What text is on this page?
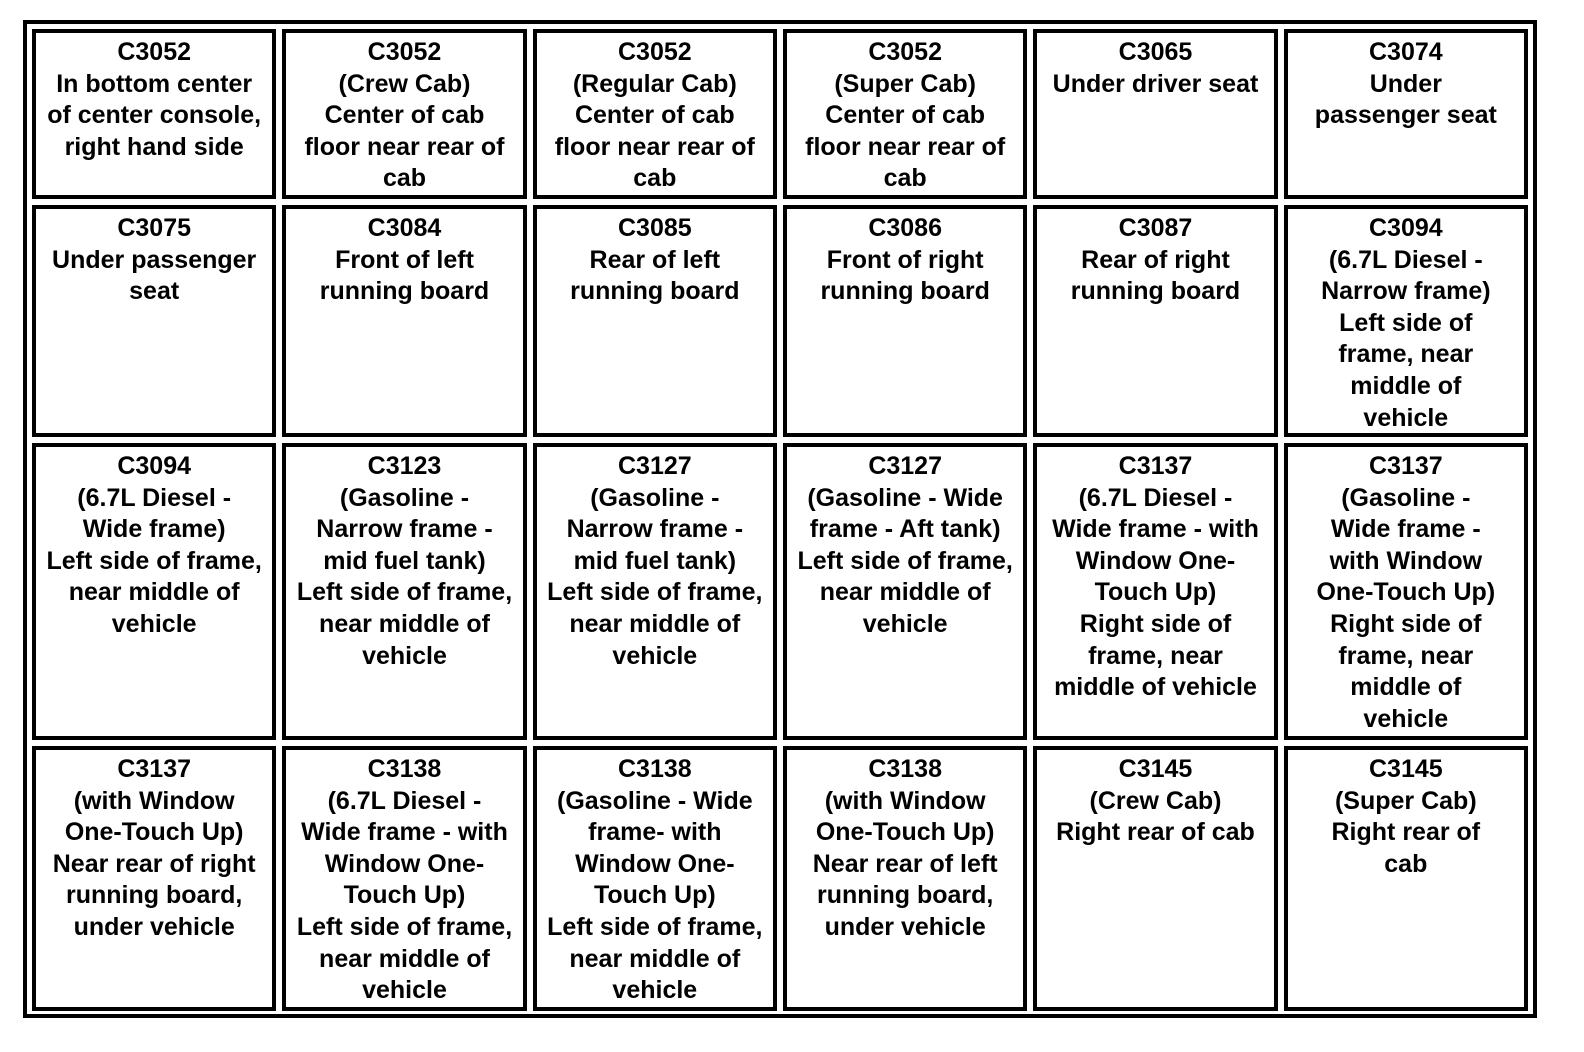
C3052
In bottom center
of center console,
right hand side
C3052
(Crew Cab)
Center of cab
floor near rear of
cab
C3052
(Regular Cab)
Center of cab
floor near rear of
cab
C3052
(Super Cab)
Center of cab
floor near rear of
cab
C3065
Under driver seat
C3074
Under
passenger seat
C3075
Under passenger
seat
C3084
Front of left
running board
C3085
Rear of left
running board
C3086
Front of right
running board
C3087
Rear of right
running board
C3094
(6.7L Diesel -
Narrow frame)
Left side of
frame, near
middle of
vehicle
C3094
(6.7L Diesel -
Wide frame)
Left side of frame,
near middle of
vehicle
C3123
(Gasoline -
Narrow frame -
mid fuel tank)
Left side of frame,
near middle of
vehicle
C3127
(Gasoline -
Narrow frame -
mid fuel tank)
Left side of frame,
near middle of
vehicle
C3127
(Gasoline - Wide
frame - Aft tank)
Left side of frame,
near middle of
vehicle
C3137
(6.7L Diesel -
Wide frame - with
Window One-
Touch Up)
Right side of
frame, near
middle of vehicle
C3137
(Gasoline -
Wide frame -
with Window
One-Touch Up)
Right side of
frame, near
middle of
vehicle
C3137
(with Window
One-Touch Up)
Near rear of right
running board,
under vehicle
C3138
(6.7L Diesel -
Wide frame - with
Window One-
Touch Up)
Left side of frame,
near middle of
vehicle
C3138
(Gasoline - Wide
frame- with
Window One-
Touch Up)
Left side of frame,
near middle of
vehicle
C3138
(with Window
One-Touch Up)
Near rear of left
running board,
under vehicle
C3145
(Crew Cab)
Right rear of cab
C3145
(Super Cab)
Right rear of
cab
